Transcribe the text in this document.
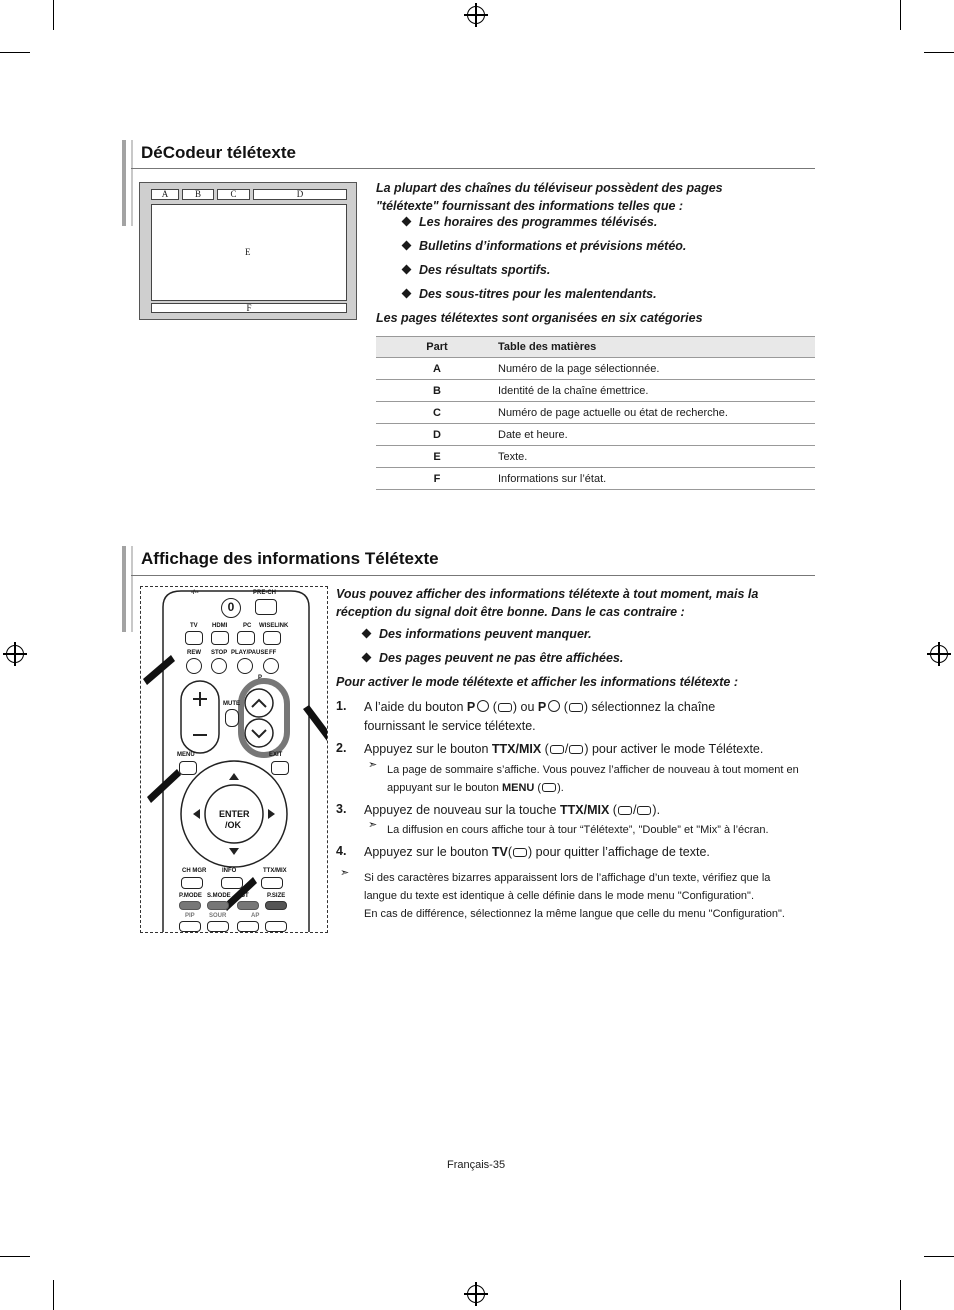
DéCodeur télétexte
A	B	C	D
E
F
La plupart des chaînes du téléviseur possèdent des pages "télétexte" fournissant des informations telles que :
Les horaires des programmes télévisés.
Bulletins d’informations et prévisions météo.
Des résultats sportifs.
Des sous-titres pour les malentendants.
Les pages télétextes sont organisées en six catégories
Part	Table des matières
A	Numéro de la page sélectionnée.
B	Identité de la chaîne émettrice.
C	Numéro de page actuelle ou état de recherche.
D	Date et heure.
E	Texte.
F	Informations sur l’état.
Affichage des informations Télétexte
-/--	PRE-CH
0
TV HDMI	PC WISELINK
REW STOP PLAY/PAUSE FF
MUTE
P
MENU	EXIT
ENTER
/OK
CH MGR	INFO	TTX/MIX
P.MODE S.MODE ST	P.SIZE
PIP SOUR	AP
Vous pouvez afficher des informations télétexte à tout moment, mais la réception du signal doit être bonne. Dans le cas contraire :
Des informations peuvent manquer.
Des pages peuvent ne pas être affichées.
Pour activer le mode télétexte et afficher les informations télétexte :
1. A l’aide du bouton P ( ) ou P ( ) sélectionnez la chaîne
fournissant le service télétexte.
2. Appuyez sur le bouton TTX/MIX ( / ) pour activer le mode Télétexte.
➣ La page de sommaire s’affiche. Vous pouvez l’afficher de nouveau à tout moment en
appuyant sur le bouton MENU ( ).
3. Appuyez de nouveau sur la touche TTX/MIX ( / ).
➣ La diffusion en cours affiche tour à tour “Télétexte”, "Double” et "Mix” à l’écran.
4. Appuyez sur le bouton TV( ) pour quitter l’affichage de texte.
➣ Si des caractères bizarres apparaissent lors de l’affichage d’un texte, vérifiez que la
langue du texte est identique à celle définie dans le mode menu "Configuration".
En cas de différence, sélectionnez la même langue que celle du menu "Configuration".
Français-35
